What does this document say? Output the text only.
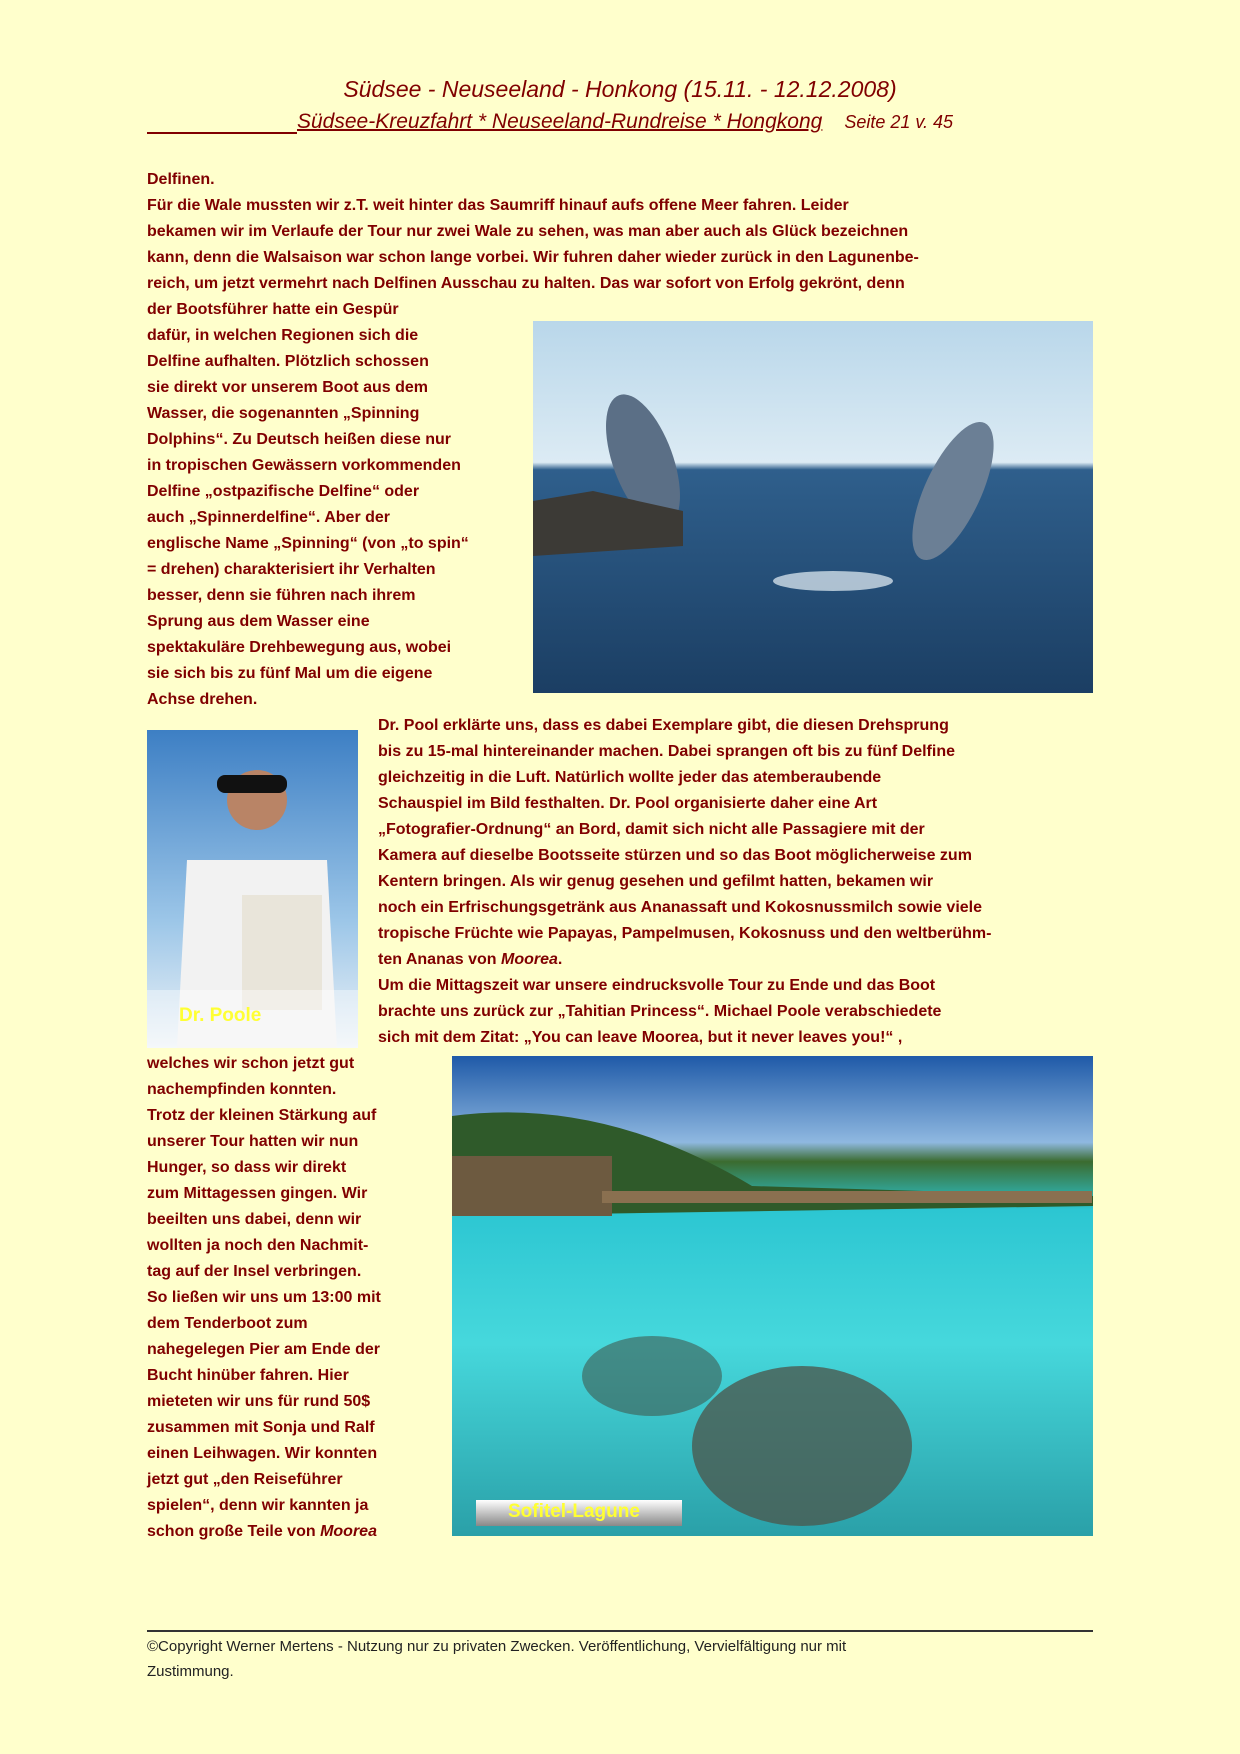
Südsee - Neuseeland - Honkong (15.11. - 12.12.2008)
Südsee-Kreuzfahrt * Neuseeland-Rundreise * Hongkong Seite 21 v. 45
Delfinen.
Für die Wale mussten wir z.T. weit hinter das Saumriff hinauf aufs offene Meer fahren. Leider
bekamen wir im Verlaufe der Tour nur zwei Wale zu sehen, was man aber auch als Glück bezeichnen
kann, denn die Walsaison war schon lange vorbei. Wir fuhren daher wieder zurück in den Lagunenbe-
reich, um jetzt vermehrt nach Delfinen Ausschau zu halten. Das war sofort von Erfolg gekrönt, denn
der Bootsführer hatte ein Gespür
dafür, in welchen Regionen sich die
Delfine aufhalten. Plötzlich schossen
sie direkt vor unserem Boot aus dem
Wasser, die sogenannten „Spinning
Dolphins“. Zu Deutsch heißen diese nur
in tropischen Gewässern vorkommenden
Delfine „ostpazifische Delfine“ oder
auch „Spinnerdelfine“. Aber der
englische Name „Spinning“ (von „to spin“
= drehen) charakterisiert ihr Verhalten
besser, denn sie führen nach ihrem
Sprung aus dem Wasser eine
spektakuläre Drehbewegung aus, wobei
sie sich bis zu fünf Mal um die eigene
Achse drehen.
Dr. Pool erklärte uns, dass es dabei Exemplare gibt, die diesen Drehsprung
bis zu 15-mal hintereinander machen. Dabei sprangen oft bis zu fünf Delfine
gleichzeitig in die Luft. Natürlich wollte jeder das atemberaubende
Schauspiel im Bild festhalten. Dr. Pool organisierte daher eine Art
„Fotografier-Ordnung“ an Bord, damit sich nicht alle Passagiere mit der
Kamera auf dieselbe Bootsseite stürzen und so das Boot möglicherweise zum
Kentern bringen. Als wir genug gesehen und gefilmt hatten, bekamen wir
noch ein Erfrischungsgetränk aus Ananassaft und Kokosnussmilch sowie viele
tropische Früchte wie Papayas, Pampelmusen, Kokosnuss und den weltberühm-
ten Ananas von Moorea.
Um die Mittagszeit war unsere eindrucksvolle Tour zu Ende und das Boot
brachte uns zurück zur „Tahitian Princess“. Michael Poole verabschiedete
sich mit dem Zitat: „You can leave Moorea, but it never leaves you!“ ,
welches wir schon jetzt gut
nachempfinden konnten.
Trotz der kleinen Stärkung auf
unserer Tour hatten wir nun
Hunger, so dass wir direkt
zum Mittagessen gingen. Wir
beeilten uns dabei, denn wir
wollten ja noch den Nachmit-
tag auf der Insel verbringen.
So ließen wir uns um 13:00 mit
dem Tenderboot zum
nahegelegen Pier am Ende der
Bucht hinüber fahren. Hier
mieteten wir uns für rund 50$
zusammen mit Sonja und Ralf
einen Leihwagen. Wir konnten
jetzt gut „den Reiseführer
spielen“, denn wir kannten ja
schon große Teile von Moorea
Dr. Poole
Sofitel-Lagune
©Copyright Werner Mertens - Nutzung nur zu privaten Zwecken. Veröffentlichung, Vervielfältigung nur mit
Zustimmung.
